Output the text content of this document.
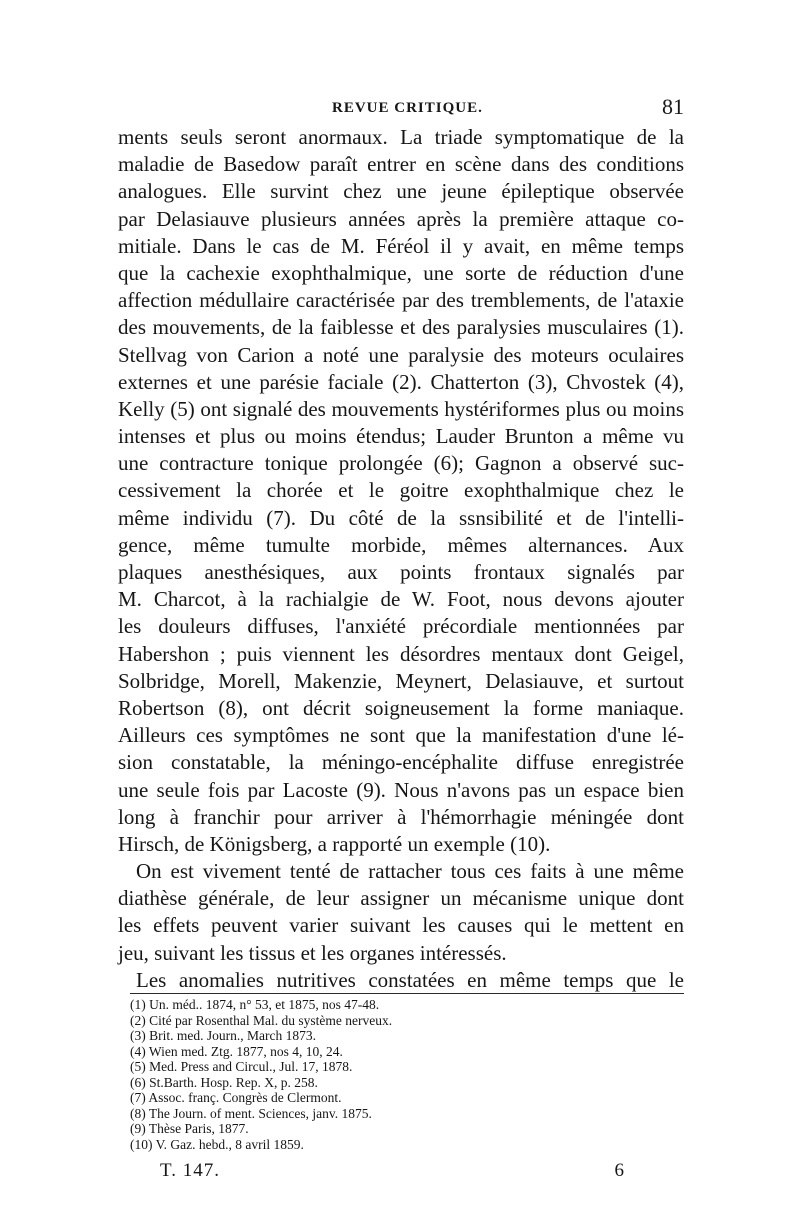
REVUE CRITIQUE.	81
ments seuls seront anormaux. La triade symptomatique de la
maladie de Basedow paraît entrer en scène dans des conditions
analogues. Elle survint chez une jeune épileptique observée
par Delasiauve plusieurs années après la première attaque co-
mitiale. Dans le cas de M. Féréol il y avait, en même temps
que la cachexie exophthalmique, une sorte de réduction d'une
affection médullaire caractérisée par des tremblements, de l'ataxie
des mouvements, de la faiblesse et des paralysies musculaires (1).
Stellvag von Carion a noté une paralysie des moteurs oculaires
externes et une parésie faciale (2). Chatterton (3), Chvostek (4),
Kelly (5) ont signalé des mouvements hystériformes plus ou moins
intenses et plus ou moins étendus; Lauder Brunton a même vu
une contracture tonique prolongée (6); Gagnon a observé suc-
cessivement la chorée et le goitre exophthalmique chez le
même individu (7). Du côté de la ssnsibilité et de l'intelli-
gence, même tumulte morbide, mêmes alternances. Aux
plaques anesthésiques, aux points frontaux signalés par
M. Charcot, à la rachialgie de W. Foot, nous devons ajouter
les douleurs diffuses, l'anxiété précordiale mentionnées par
Habershon ; puis viennent les désordres mentaux dont Geigel,
Solbridge, Morell, Makenzie, Meynert, Delasiauve, et surtout
Robertson (8), ont décrit soigneusement la forme maniaque.
Ailleurs ces symptômes ne sont que la manifestation d'une lé-
sion constatable, la méningo-encéphalite diffuse enregistrée
une seule fois par Lacoste (9). Nous n'avons pas un espace bien
long à franchir pour arriver à l'hémorrhagie méningée dont
Hirsch, de Königsberg, a rapporté un exemple (10).
On est vivement tenté de rattacher tous ces faits à une même
diathèse générale, de leur assigner un mécanisme unique dont
les effets peuvent varier suivant les causes qui le mettent en
jeu, suivant les tissus et les organes intéressés.
Les anomalies nutritives constatées en même temps que le
(1) Un. méd.. 1874, n° 53, et 1875, nos 47-48.
(2) Cité par Rosenthal Mal. du système nerveux.
(3) Brit. med. Journ., March 1873.
(4) Wien med. Ztg. 1877, nos 4, 10, 24.
(5) Med. Press and Circul., Jul. 17, 1878.
(6) St.Barth. Hosp. Rep. X, p. 258.
(7) Assoc. franç. Congrès de Clermont.
(8) The Journ. of ment. Sciences, janv. 1875.
(9) Thèse Paris, 1877.
(10) V. Gaz. hebd., 8 avril 1859.
T. 147.	6
